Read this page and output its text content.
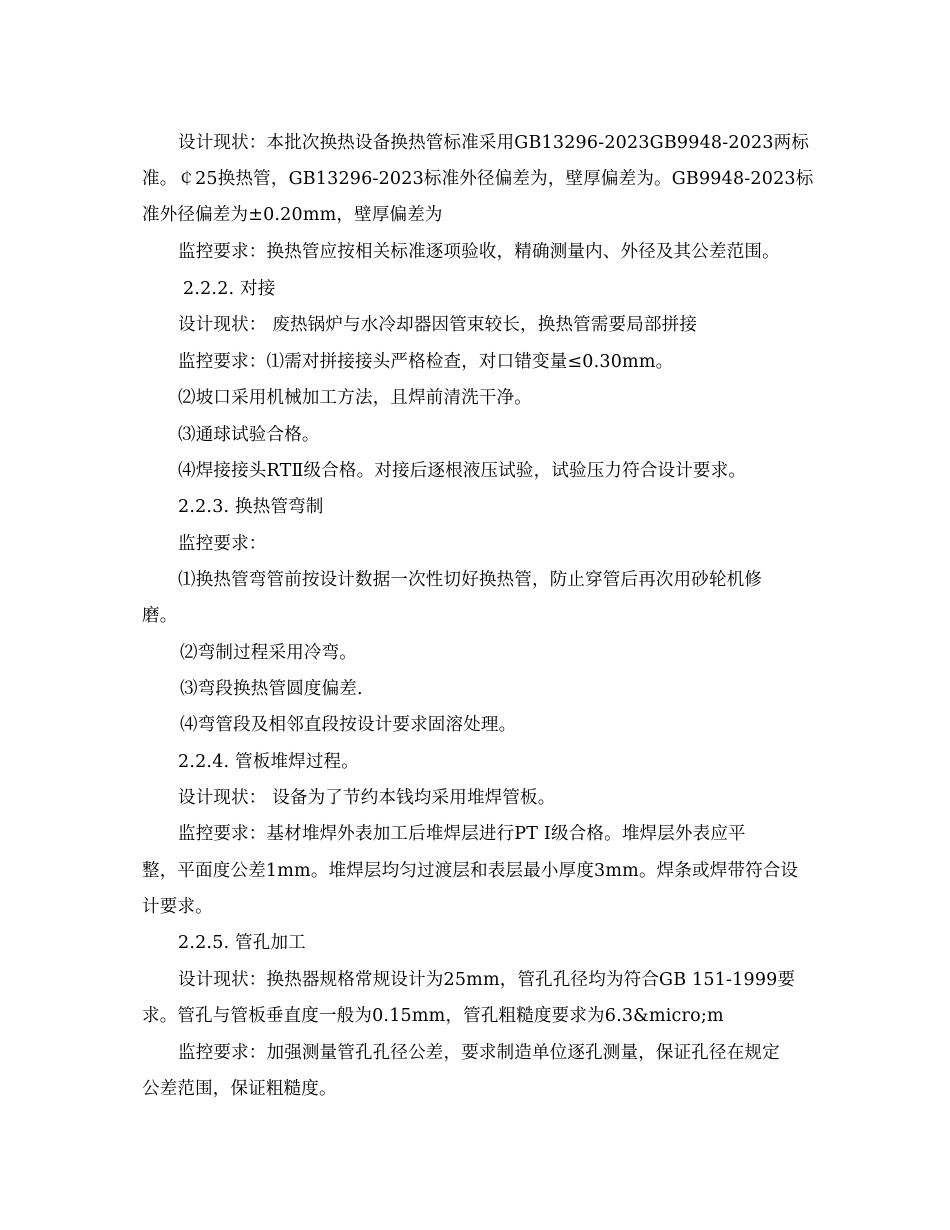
设计现状：本批次换热设备换热管标准采用GB13296-2023GB9948-2023两标
准。￠25换热管，GB13296-2023标准外径偏差为，壁厚偏差为。GB9948-2023标
准外径偏差为±0.20mm，壁厚偏差为
监控要求：换热管应按相关标准逐项验收，精确测量内、外径及其公差范围。
2.2.2. 对接
设计现状： 废热锅炉与水冷却器因管束较长，换热管需要局部拼接
监控要求：⑴需对拼接接头严格检查，对口错变量≤0.30mm。
⑵坡口采用机械加工方法，且焊前清洗干净。
⑶通球试验合格。
⑷焊接接头RTⅡ级合格。对接后逐根液压试验，试验压力符合设计要求。
2.2.3. 换热管弯制
监控要求：
⑴换热管弯管前按设计数据一次性切好换热管，防止穿管后再次用砂轮机修
磨。
⑵弯制过程采用冷弯。
⑶弯段换热管圆度偏差.
⑷弯管段及相邻直段按设计要求固溶处理。
2.2.4. 管板堆焊过程。
设计现状： 设备为了节约本钱均采用堆焊管板。
监控要求：基材堆焊外表加工后堆焊层进行PT Ⅰ级合格。堆焊层外表应平
整，平面度公差1mm。堆焊层均匀过渡层和表层最小厚度3mm。焊条或焊带符合设
计要求。
2.2.5. 管孔加工
设计现状：换热器规格常规设计为25mm，管孔孔径均为符合GB 151-1999要
求。管孔与管板垂直度一般为0.15mm，管孔粗糙度要求为6.3&micro;m
监控要求：加强测量管孔孔径公差，要求制造单位逐孔测量，保证孔径在规定
公差范围，保证粗糙度。
